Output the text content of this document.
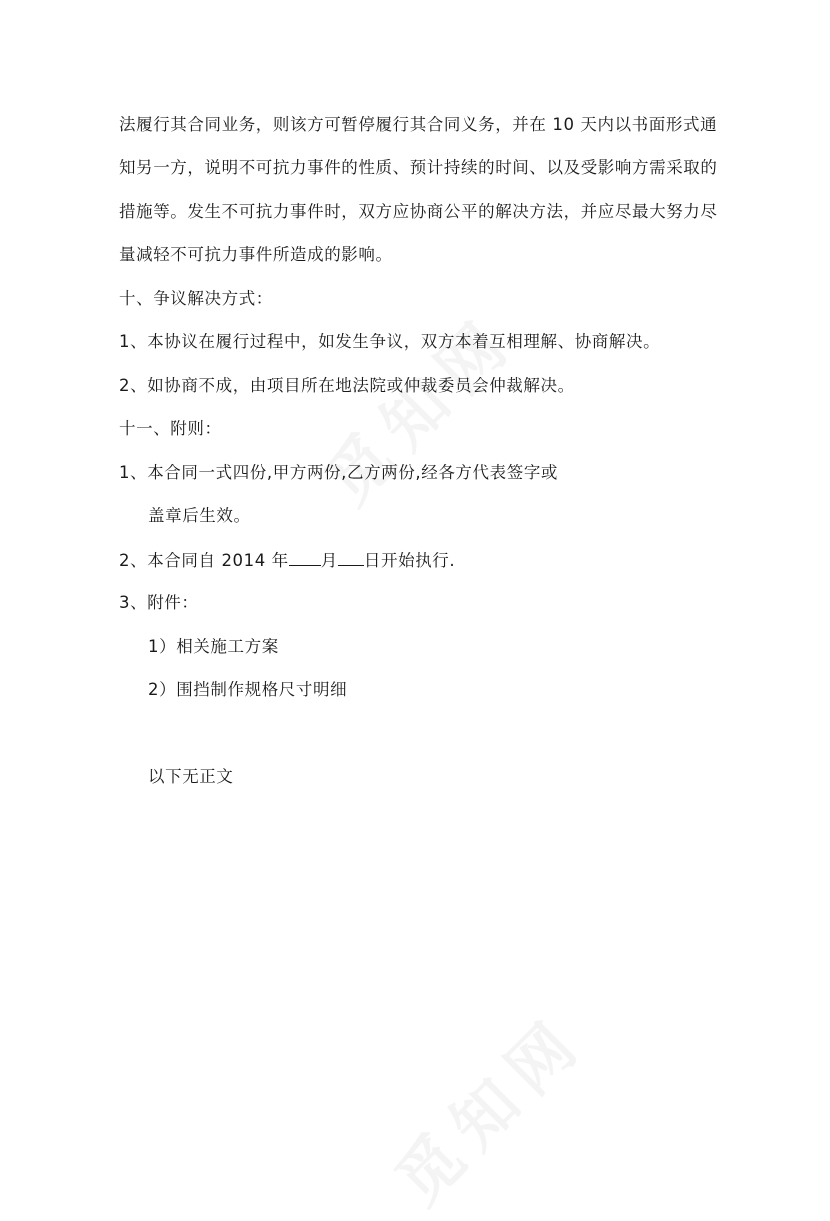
法履行其合同业务，则该方可暂停履行其合同义务，并在 10 天内以书面形式通
知另一方，说明不可抗力事件的性质、预计持续的时间、以及受影响方需采取的
措施等。发生不可抗力事件时，双方应协商公平的解决方法，并应尽最大努力尽
量减轻不可抗力事件所造成的影响。
十、争议解决方式：
1、本协议在履行过程中，如发生争议，双方本着互相理解、协商解决。
2、如协商不成，由项目所在地法院或仲裁委员会仲裁解决。
十一、附则：
1、本合同一式四份,甲方两份,乙方两份,经各方代表签字或
盖章后生效。
2、本合同自 2014 年 月 日开始执行.
3、附件：
1）相关施工方案
2）围挡制作规格尺寸明细
以下无正文
